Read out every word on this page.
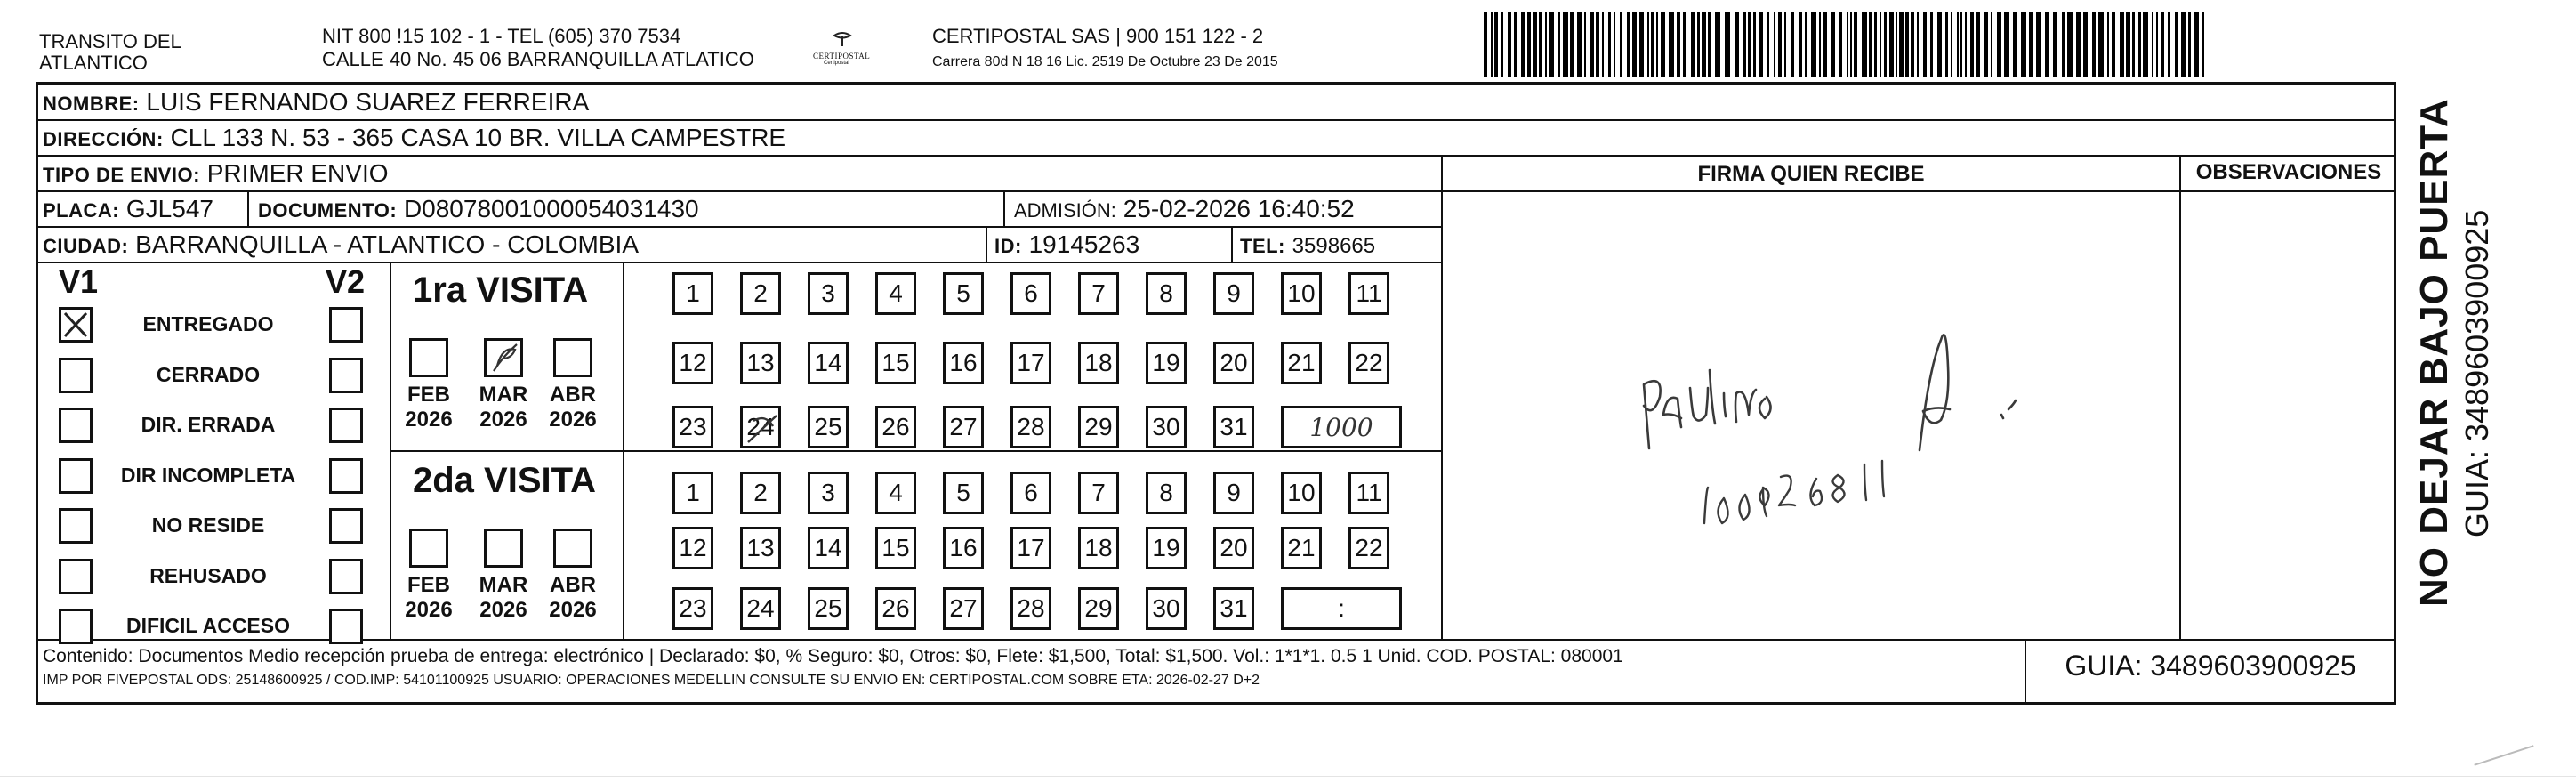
TRANSITO DEL
ATLANTICO
NIT 800 !15 102 - 1 - TEL (605) 370 7534
CALLE 40 No. 45 06 BARRANQUILLA ATLATICO	CERTIPOSTAL
Certipostal
CERTIPOSTAL SAS | 900 151 122 - 2
Carrera 80d N 18 16 Lic. 2519 De Octubre 23 De 2015
NOMBRE: LUIS FERNANDO SUAREZ FERREIRA
DIRECCIÓN: CLL 133 N. 53 - 365 CASA 10 BR. VILLA CAMPESTRE
TIPO DE ENVIO: PRIMER ENVIO	FIRMA QUIEN RECIBE	OBSERVACIONES
PLACA: GJL547 DOCUMENTO: D08078001000054031430	ADMISIÓN: 25-02-2026 16:40:52
CIUDAD: BARRANQUILLA - ATLANTICO - COLOMBIA	ID: 19145263	TEL: 3598665
V1	V2
ENTREGADO
CERRADO
DIR. ERRADA
DIR INCOMPLETA
NO RESIDE
REHUSADO
DIFICIL ACCESO
1ra VISITA
2da VISITA
FEB
2026
MAR
2026
ABR
2026
FEB
2026
MAR
2026
ABR
2026
1	2	3	4	5	6	7	8	9	10	11
12 13 14 15 16 17 18 19 20 21 22
23 24 25 26 27 28 29 30 31	1000
1	2	3	4	5	6	7	8	9	10	11
12 13 14 15 16 17 18 19 20 21 22
23 24 25 26 27 28 29 30 31	:
Contenido: Documentos Medio recepción prueba de entrega: electrónico | Declarado: $0, % Seguro: $0, Otros: $0, Flete: $1,500, Total: $1,500. Vol.: 1*1*1. 0.5 1 Unid. COD. POSTAL: 080001
IMP POR FIVEPOSTAL ODS: 25148600925 / COD.IMP: 54101100925 USUARIO: OPERACIONES MEDELLIN CONSULTE SU ENVIO EN: CERTIPOSTAL.COM SOBRE ETA: 2026-02-27 D+2	GUIA: 3489603900925
NO DEJAR BAJO PUERTA GUIA: 3489603900925
